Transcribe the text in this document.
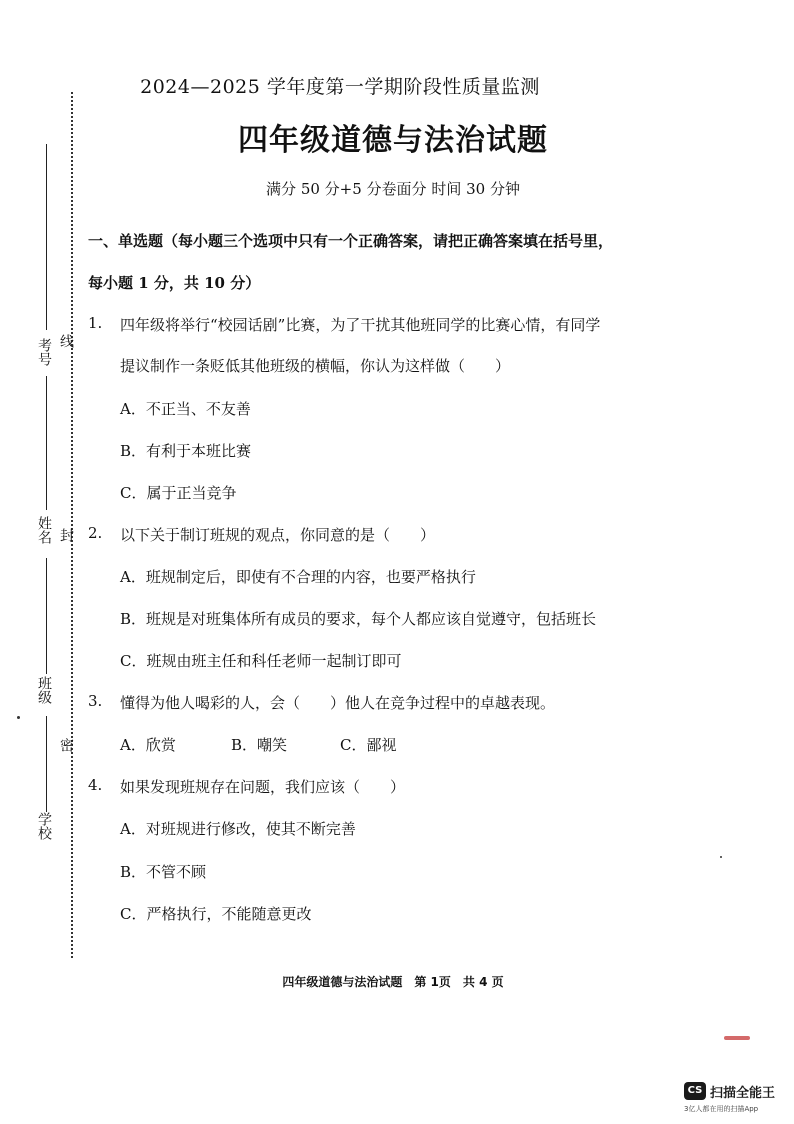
考号 线
姓名 封
班级
密
学校
2024—2025 学年度第一学期阶段性质量监测
四年级道德与法治试题
满分 50 分+5 分卷面分 时间 30 分钟
一、单选题（每小题三个选项中只有一个正确答案，请把正确答案填在括号里，
每小题 1 分，共 10 分）
1. 四年级将举行“校园话剧”比赛，为了干扰其他班同学的比赛心情，有同学
提议制作一条贬低其他班级的横幅，你认为这样做（　　）
A．不正当、不友善
B．有利于本班比赛
C．属于正当竞争
2. 以下关于制订班规的观点，你同意的是（　　）
A．班规制定后，即使有不合理的内容，也要严格执行
B．班规是对班集体所有成员的要求，每个人都应该自觉遵守，包括班长
C．班规由班主任和科任老师一起制订即可
3. 懂得为他人喝彩的人，会（　　）他人在竞争过程中的卓越表现。
A．欣赏	B．嘲笑	C．鄙视
4. 如果发现班规存在问题，我们应该（　　）
A．对班规进行修改，使其不断完善
B．不管不顾
C．严格执行，不能随意更改
四年级道德与法治试题　第 1页　共 4 页
CS 扫描全能王
3亿人都在用的扫描App
